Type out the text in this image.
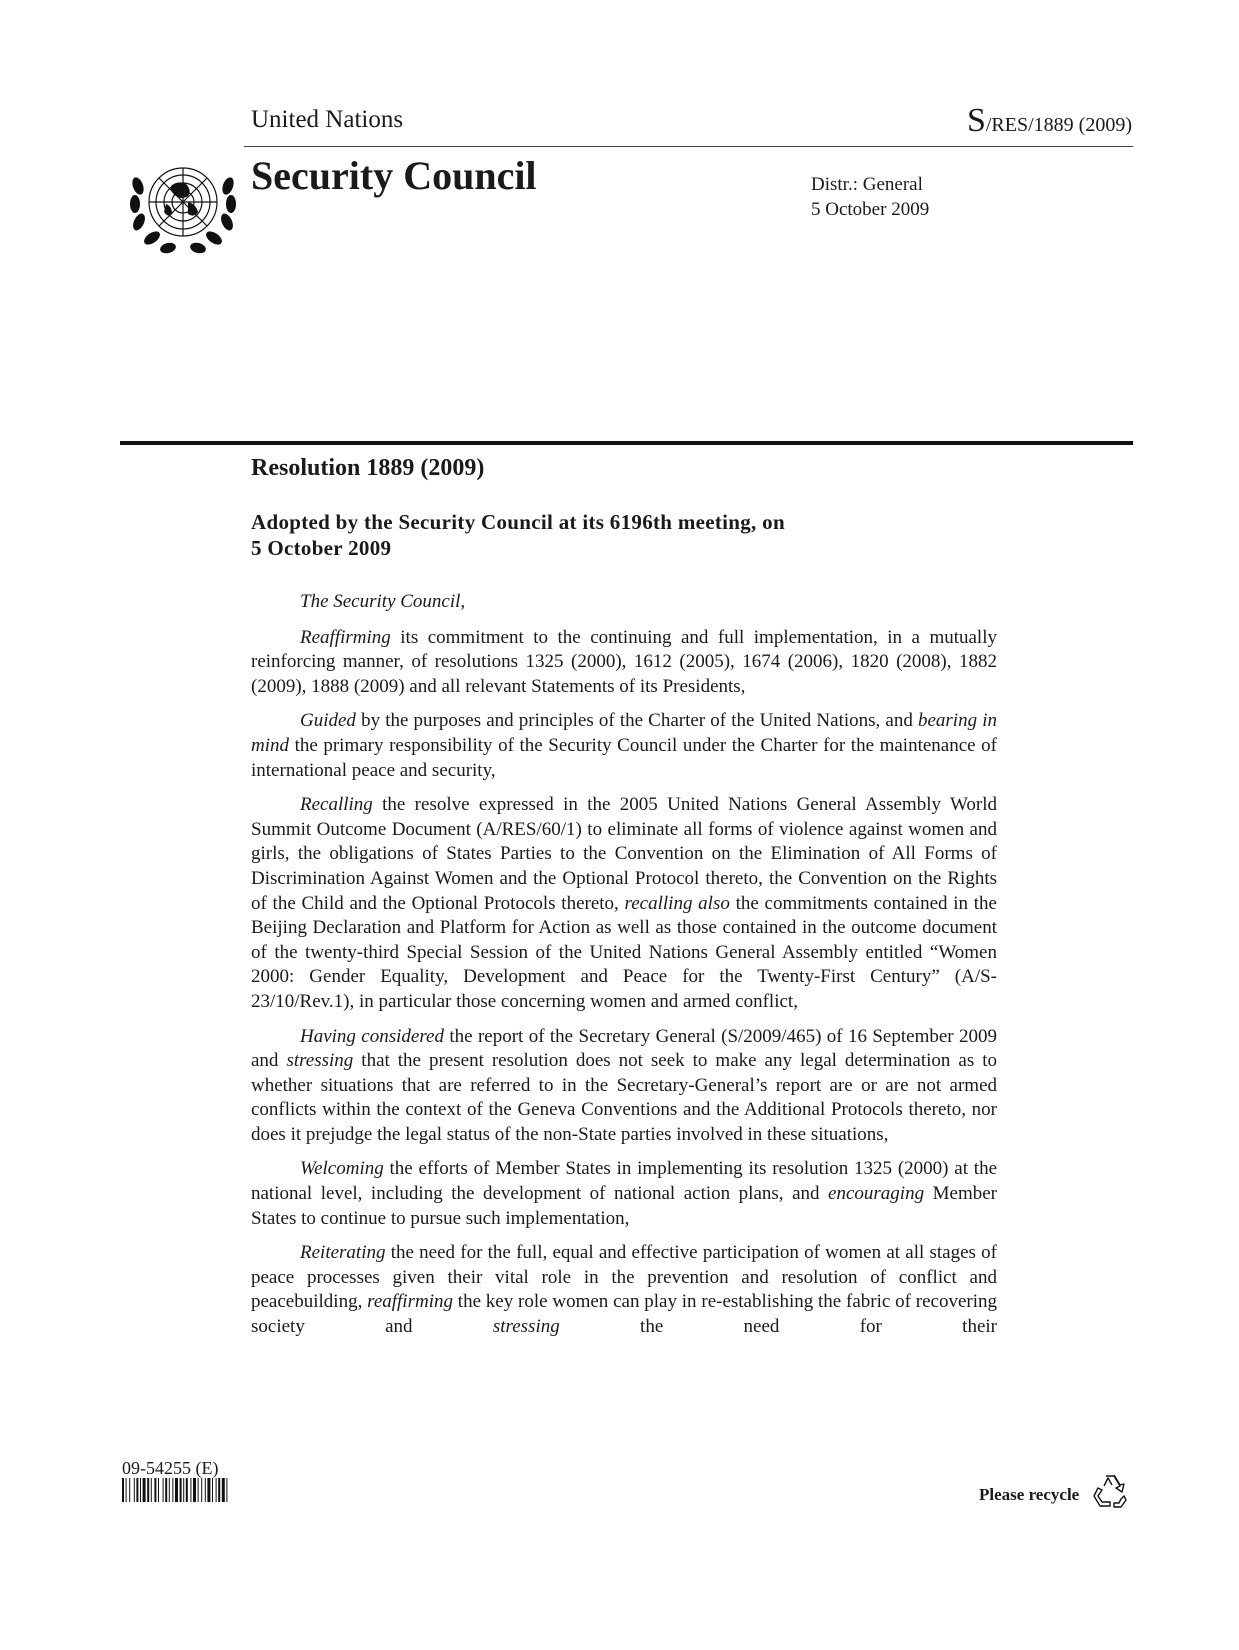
United Nations	S/RES/1889 (2009)
Security Council	Distr.: General
5 October 2009
Resolution 1889 (2009)
Adopted by the Security Council at its 6196th meeting, on
5 October 2009

The Security Council,

Reaffirming its commitment to the continuing and full implementation, in a mutually reinforcing manner, of resolutions 1325 (2000), 1612 (2005), 1674 (2006), 1820 (2008), 1882 (2009), 1888 (2009) and all relevant Statements of its Presidents,

Guided by the purposes and principles of the Charter of the United Nations, and bearing in mind the primary responsibility of the Security Council under the Charter for the maintenance of international peace and security,

Recalling the resolve expressed in the 2005 United Nations General Assembly World Summit Outcome Document (A/RES/60/1) to eliminate all forms of violence against women and girls, the obligations of States Parties to the Convention on the Elimination of All Forms of Discrimination Against Women and the Optional Protocol thereto, the Convention on the Rights of the Child and the Optional Protocols thereto, recalling also the commitments contained in the Beijing Declaration and Platform for Action as well as those contained in the outcome document of the twenty-third Special Session of the United Nations General Assembly entitled “Women 2000: Gender Equality, Development and Peace for the Twenty-First Century” (A/S-23/10/Rev.1), in particular those concerning women and armed conflict,

Having considered the report of the Secretary General (S/2009/465) of 16 September 2009 and stressing that the present resolution does not seek to make any legal determination as to whether situations that are referred to in the Secretary-General’s report are or are not armed conflicts within the context of the Geneva Conventions and the Additional Protocols thereto, nor does it prejudge the legal status of the non-State parties involved in these situations,

Welcoming the efforts of Member States in implementing its resolution 1325 (2000) at the national level, including the development of national action plans, and encouraging Member States to continue to pursue such implementation,

Reiterating the need for the full, equal and effective participation of women at all stages of peace processes given their vital role in the prevention and resolution of conflict and peacebuilding, reaffirming the key role women can play in re-establishing the fabric of recovering society and stressing the need for their

09-54255 (E)
Please recycle
